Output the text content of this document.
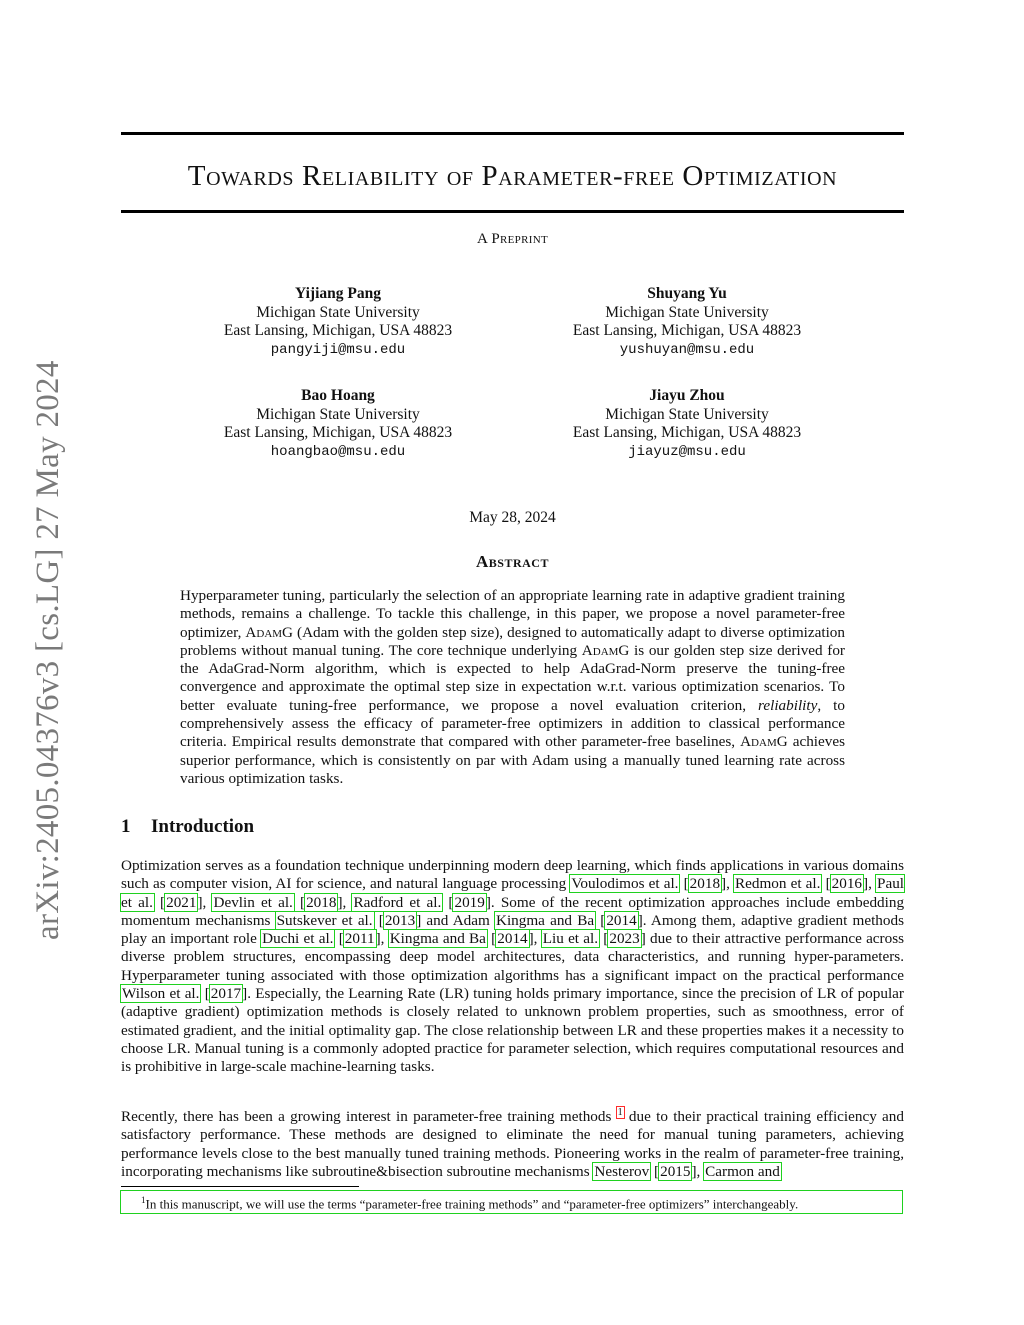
arXiv:2405.04376v3 [cs.LG] 27 May 2024
Towards Reliability of Parameter-free Optimization
A Preprint
Yijiang Pang
Michigan State University
East Lansing, Michigan, USA 48823
pangyiji@msu.edu
Shuyang Yu
Michigan State University
East Lansing, Michigan, USA 48823
yushuyan@msu.edu
Bao Hoang
Michigan State University
East Lansing, Michigan, USA 48823
hoangbao@msu.edu
Jiayu Zhou
Michigan State University
East Lansing, Michigan, USA 48823
jiayuz@msu.edu
May 28, 2024
Abstract
Hyperparameter tuning, particularly the selection of an appropriate learning rate in adaptive gradient training methods, remains a challenge. To tackle this challenge, in this paper, we propose a novel parameter-free optimizer, AdamG (Adam with the golden step size), designed to automatically adapt to diverse optimization problems without manual tuning. The core technique underlying AdamG is our golden step size derived for the AdaGrad-Norm algorithm, which is expected to help AdaGrad-Norm preserve the tuning-free convergence and approximate the optimal step size in expectation w.r.t. various optimization scenarios. To better evaluate tuning-free performance, we propose a novel evaluation criterion, reliability, to comprehensively assess the efficacy of parameter-free optimizers in addition to classical performance criteria. Empirical results demonstrate that compared with other parameter-free baselines, AdamG achieves superior performance, which is consistently on par with Adam using a manually tuned learning rate across various optimization tasks.
1 Introduction
Optimization serves as a foundation technique underpinning modern deep learning, which finds applications in various domains such as computer vision, AI for science, and natural language processing Voulodimos et al. [2018], Redmon et al. [2016], Paul et al. [2021], Devlin et al. [2018], Radford et al. [2019]. Some of the recent optimization approaches include embedding momentum mechanisms Sutskever et al. [2013] and Adam Kingma and Ba [2014]. Among them, adaptive gradient methods play an important role Duchi et al. [2011], Kingma and Ba [2014], Liu et al. [2023] due to their attractive performance across diverse problem structures, encompassing deep model architectures, data characteristics, and running hyper-parameters. Hyperparameter tuning associated with those optimization algorithms has a significant impact on the practical performance Wilson et al. [2017]. Especially, the Learning Rate (LR) tuning holds primary importance, since the precision of LR of popular (adaptive gradient) optimization methods is closely related to unknown problem properties, such as smoothness, error of estimated gradient, and the initial optimality gap. The close relationship between LR and these properties makes it a necessity to choose LR. Manual tuning is a commonly adopted practice for parameter selection, which requires computational resources and is prohibitive in large-scale machine-learning tasks.
Recently, there has been a growing interest in parameter-free training methods $^1$ due to their practical training efficiency and satisfactory performance. These methods are designed to eliminate the need for manual tuning parameters, achieving performance levels close to the best manually tuned training methods. Pioneering works in the realm of parameter-free training, incorporating mechanisms like subroutine&bisection subroutine mechanisms Nesterov [2015], Carmon and
$^1$In this manuscript, we will use the terms “parameter-free training methods” and “parameter-free optimizers” interchangeably.
